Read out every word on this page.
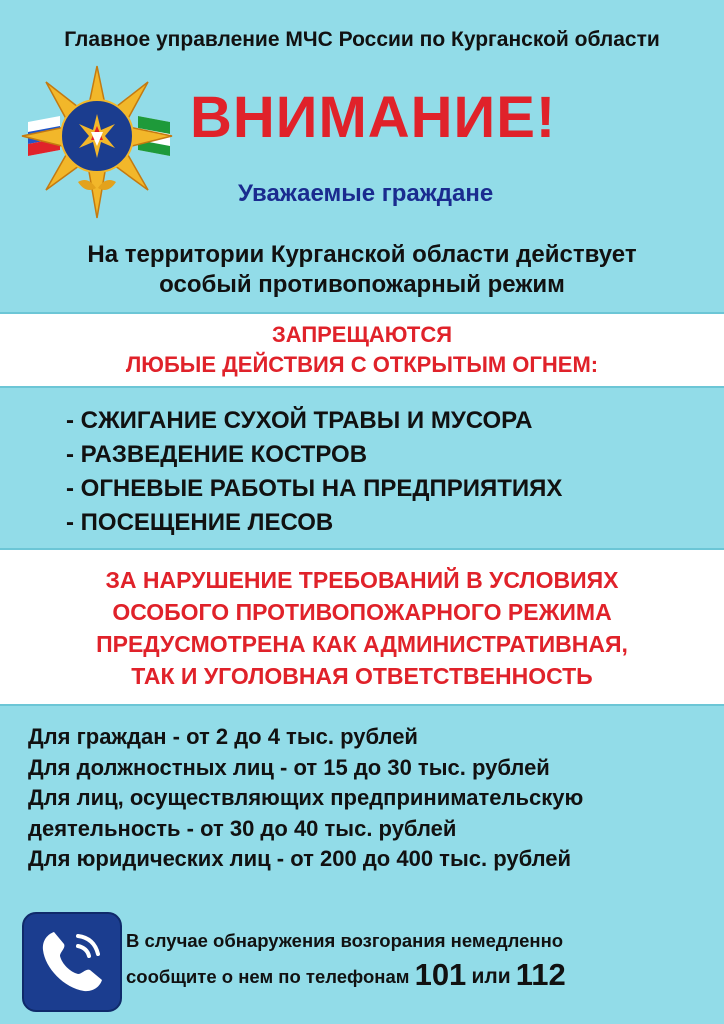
Главное управление МЧС России по Курганской области
ВНИМАНИЕ!
Уважаемые граждане
На территории Курганской области действует
особый противопожарный режим
ЗАПРЕЩАЮТСЯ
ЛЮБЫЕ ДЕЙСТВИЯ С ОТКРЫТЫМ ОГНЕМ:
- СЖИГАНИЕ СУХОЙ ТРАВЫ И МУСОРА
- РАЗВЕДЕНИЕ КОСТРОВ
- ОГНЕВЫЕ РАБОТЫ НА ПРЕДПРИЯТИЯХ
- ПОСЕЩЕНИЕ ЛЕСОВ
ЗА НАРУШЕНИЕ ТРЕБОВАНИЙ В УСЛОВИЯХ
ОСОБОГО ПРОТИВОПОЖАРНОГО РЕЖИМА
ПРЕДУСМОТРЕНА КАК АДМИНИСТРАТИВНАЯ,
ТАК И УГОЛОВНАЯ ОТВЕТСТВЕННОСТЬ
Для граждан - от 2 до 4 тыс. рублей
Для должностных лиц - от 15 до 30 тыс. рублей
Для лиц, осуществляющих предпринимательскую
деятельность - от 30 до 40 тыс. рублей
Для юридических лиц - от 200 до 400 тыс. рублей
В случае обнаружения возгорания немедленно
сообщите о нем по телефонам 101 или 112
